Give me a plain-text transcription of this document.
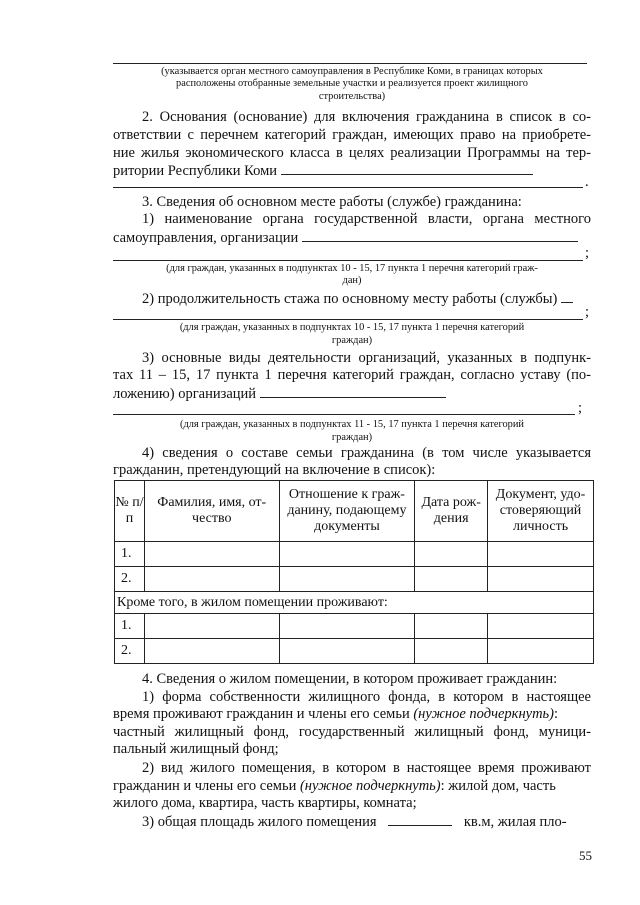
(указывается орган местного самоуправления в Республике Коми, в границах которых
расположены отобранные земельные участки и реализуется проект жилищного
строительства)
2. Основания (основание) для включения гражданина в список в со-
ответствии с перечнем категорий граждан, имеющих право на приобрете-
ние жилья экономического класса в целях реализации Программы на тер-
ритории Республики Коми
.
3. Сведения об основном месте работы (службе) гражданина:
1) наименование органа государственной власти, органа местного
самоуправления, организации
;
(для граждан, указанных в подпунктах 10 - 15, 17 пункта 1 перечня категорий граж-
дан)
2) продолжительность стажа по основному месту работы (службы)
;
(для граждан, указанных в подпунктах 10 - 15, 17 пункта 1 перечня категорий
граждан)
3) основные виды деятельности организаций, указанных в подпунк-
тах 11 – 15, 17 пункта 1 перечня категорий граждан, согласно уставу (по-
ложению) организаций
;
(для граждан, указанных в подпунктах 11 - 15, 17 пункта 1 перечня категорий
граждан)
4) сведения о составе семьи гражданина (в том числе указывается
гражданин, претендующий на включение в список):
№ п/п	Фамилия, имя, от- чество	Отношение к граж- данину, подающему документы	Дата рож- дения	Документ, удо- стоверяющий личность
1.				
2.				
Кроме того, в жилом помещении проживают:				
1.				
2.				
4. Сведения о жилом помещении, в котором проживает гражданин:
1) форма собственности жилищного фонда, в котором в настоящее
время проживают гражданин и члены его семьи (нужное подчеркнуть):
частный жилищный фонд, государственный жилищный фонд, муници-
пальный жилищный фонд;
2) вид жилого помещения, в котором в настоящее время проживают
гражданин и члены его семьи (нужное подчеркнуть): жилой дом, часть
жилого дома, квартира, часть квартиры, комната;
3) общая площадь жилого помещения	кв.м, жилая пло-
55
